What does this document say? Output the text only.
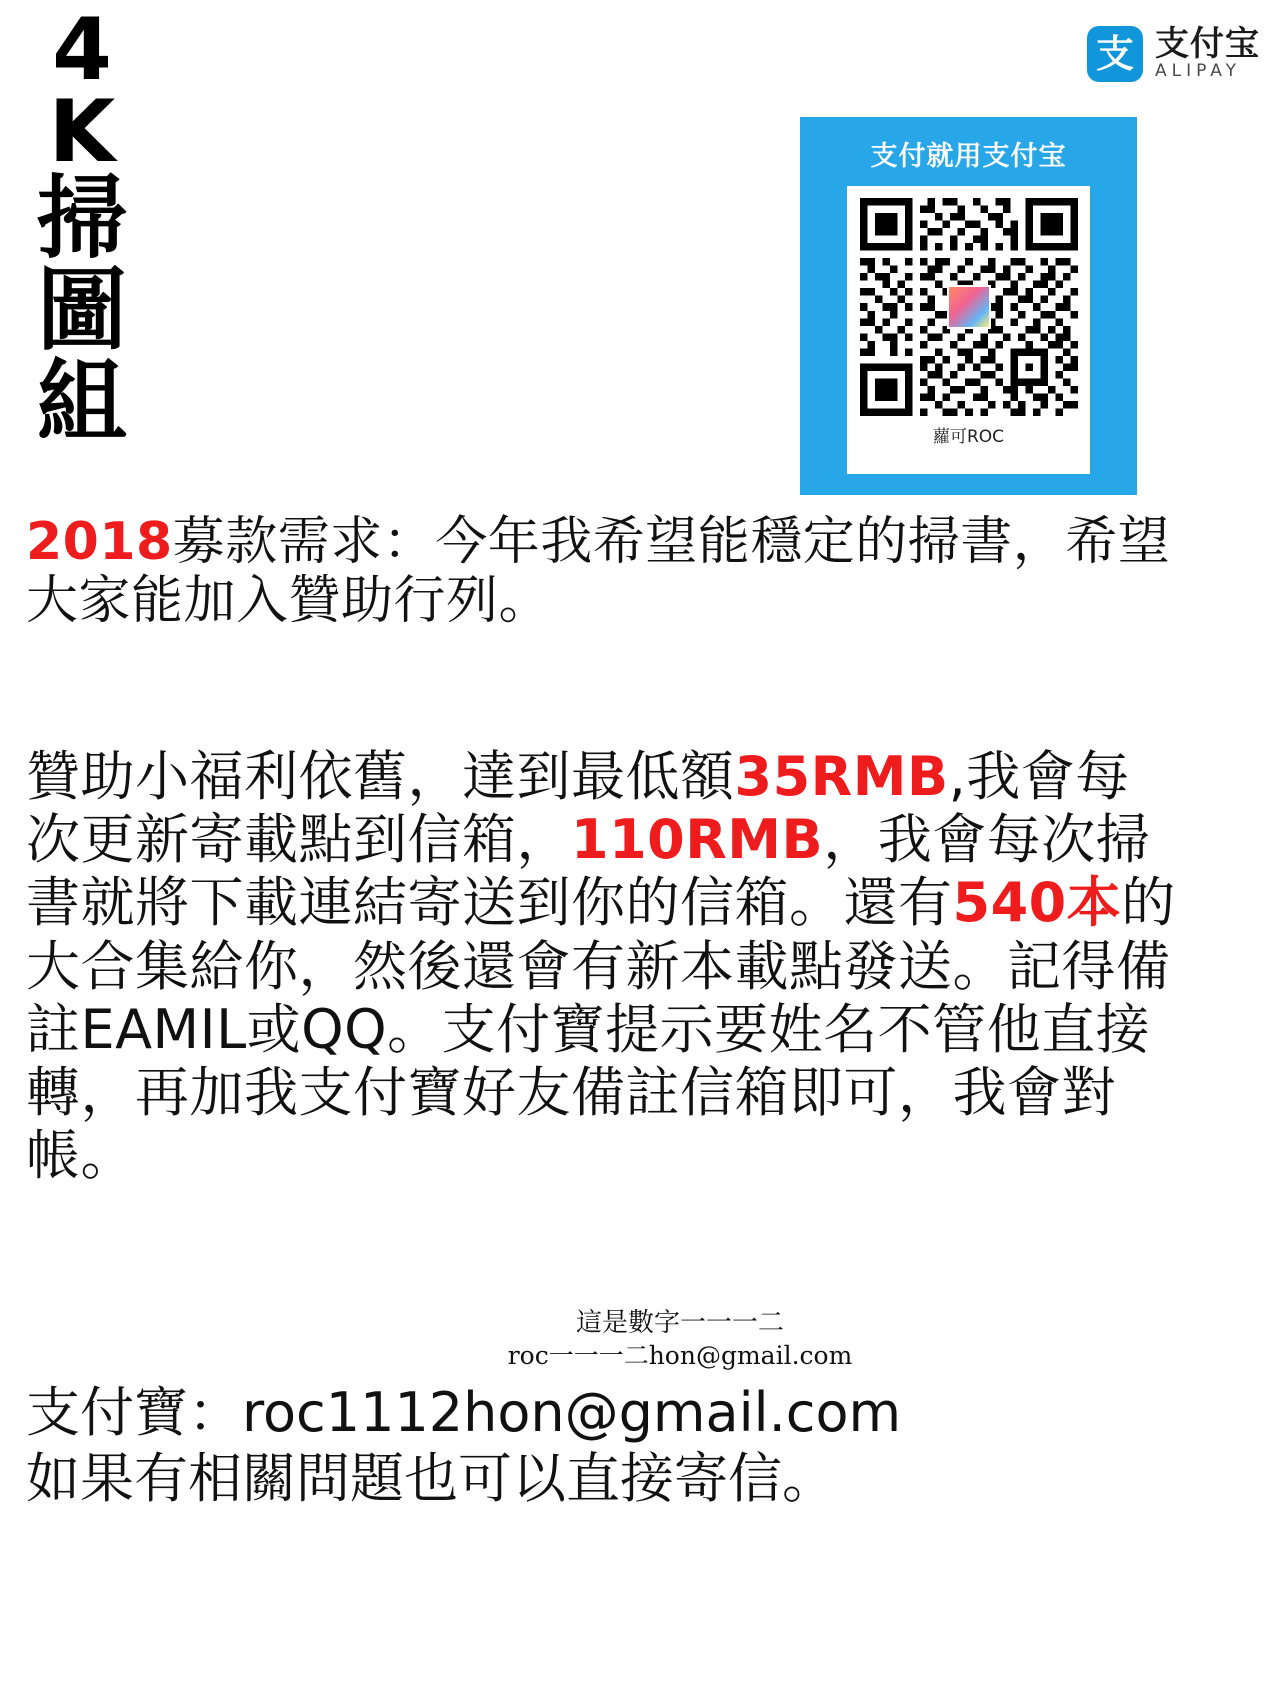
4
K
掃
圖
組
支 支付宝
ALIPAY
支付就用支付宝
蘿可ROC

2018募款需求：今年我希望能穩定的掃書，希望大家能加入贊助行列。

贊助小福利依舊，達到最低額35RMB,我會每次更新寄載點到信箱，110RMB，我會每次掃書就將下載連結寄送到你的信箱。還有540本的大合集給你，然後還會有新本載點發送。記得備註EAMIL或QQ。支付寶提示要姓名不管他直接轉，再加我支付寶好友備註信箱即可，我會對帳。
這是數字一一一二
roc一一一二hon@gmail.com
支付寶：roc1112hon@gmail.com
如果有相關問題也可以直接寄信。
